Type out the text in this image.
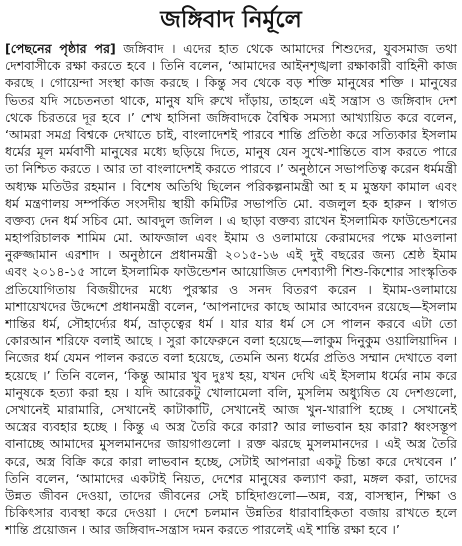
জঙ্গিবাদ নির্মূলে
[পেছনের পৃষ্ঠার পর] জঙ্গিবাদ । এদের হাত থেকে আমাদের শিশুদের, যুবসমাজ তথা
দেশবাসীকে রক্ষা করতে হবে । তিনি বলেন, ‘আমাদের আইনশৃঙ্খলা রক্ষাকারী বাহিনী কাজ
করছে । গোয়েন্দা সংস্থা কাজ করছে । কিন্তু সব থেকে বড় শক্তি মানুষের শক্তি । মানুষের
ভিতর যদি সচেতনতা থাকে, মানুষ যদি রুখে দাঁড়ায়, তাহলে এই সন্ত্রাস ও জঙ্গিবাদ দেশ
থেকে চিরতরে দূর হবে ।’ শেখ হাসিনা জঙ্গিবাদকে বৈশ্বিক সমস্যা আখ্যায়িত করে বলেন,
‘আমরা সমগ্র বিশ্বকে দেখাতে চাই, বাংলাদেশই পারবে শান্তি প্রতিষ্ঠা করে সত্যিকার ইসলাম
ধর্মের মূল মর্মবাণী মানুষের মধ্যে ছড়িয়ে দিতে, মানুষ যেন সুখে-শান্তিতে বাস করতে পারে
তা নিশ্চিত করতে । আর তা বাংলাদেশই করতে পারবে ।’ অনুষ্ঠানে সভাপতিত্ব করেন ধর্মমন্ত্রী
অধ্যক্ষ মতিউর রহমান । বিশেষ অতিথি ছিলেন পরিকল্পনামন্ত্রী আ হ ম মুস্তফা কামাল এবং
ধর্ম মন্ত্রণালয় সম্পর্কিত সংসদীয় স্থায়ী কমিটির সভাপতি মো. বজলুল হক হারুন । স্বাগত
বক্তব্য দেন ধর্ম সচিব মো. আবদুল জলিল । এ ছাড়া বক্তব্য রাখেন ইসলামিক ফাউন্ডেশনের
মহাপরিচালক শামিম মো. আফজাল এবং ইমাম ও ওলামায়ে কেরামদের পক্ষে মাওলানা
নুরুজ্জামান এরশাদ । অনুষ্ঠানে প্রধানমন্ত্রী ২০১৫-১৬ এই দুই বছরের জন্য শ্রেষ্ঠ ইমাম
এবং ২০১৪-১৫ সালে ইসলামিক ফাউন্ডেশন আয়োজিত দেশব্যাপী শিশু-কিশোর সাংস্কৃতিক
প্রতিযোগিতায় বিজয়ীদের মধ্যে পুরস্কার ও সনদ বিতরণ করেন । ইমাম-ওলামায়ে
মাশায়েখদের উদ্দেশে প্রধানমন্ত্রী বলেন, ‘আপনাদের কাছে আমার আবেদন রয়েছে—ইসলাম
শান্তির ধর্ম, সৌহার্দ্যের ধর্ম, ভ্রাতৃত্বের ধর্ম । যার যার ধর্ম সে সে পালন করবে এটা তো
কোরআন শরিফে বলাই আছে । সুরা কাফেরুনে বলা হয়েছে—লাকুম দিনুকুম ওয়ালিয়াদিন ।
নিজের ধর্ম যেমন পালন করতে বলা হয়েছে, তেমনি অন্য ধর্মের প্রতিও সম্মান দেখাতে বলা
হয়েছে ।’ তিনি বলেন, ‘কিন্তু আমার খুব দুঃখ হয়, যখন দেখি এই ইসলাম ধর্মের নাম করে
মানুষকে হত্যা করা হয় । যদি আরেকটু খোলামেলা বলি, মুসলিম অধ্যুষিত যে দেশগুলো,
সেখানেই মারামারি, সেখানেই কাটাকাটি, সেখানেই আজ খুন-খারাপি হচ্ছে । সেখানেই
অস্ত্রের ব্যবহার হচ্ছে । কিন্তু এ অস্ত্র তৈরি করে কারা? আর লাভবান হয় কারা? ধ্বংসস্তূপ
বানাচ্ছে আমাদের মুসলমানদের জায়গাগুলো । রক্ত ঝরছে মুসলমানদের । এই অস্ত্র তৈরি
করে, অস্ত্র বিক্রি করে কারা লাভবান হচ্ছে, সেটাই আপনারা একটু চিন্তা করে দেখবেন ।’
তিনি বলেন, ‘আমাদের একটাই নিয়ত, দেশের মানুষের কল্যাণ করা, মঙ্গল করা, তাদের
উন্নত জীবন দেওয়া, তাদের জীবনের সেই চাহিদাগুলো—অন্ন, বস্ত্র, বাসস্থান, শিক্ষা ও
চিকিৎসার ব্যবস্থা করে দেওয়া । দেশে চলমান উন্নতির ধারাবাহিকতা বজায় রাখতে হলে
শান্তি প্রয়োজন । আর জঙ্গিবাদ-সন্ত্রাস দমন করতে পারলেই এই শান্তি রক্ষা হবে ।’
